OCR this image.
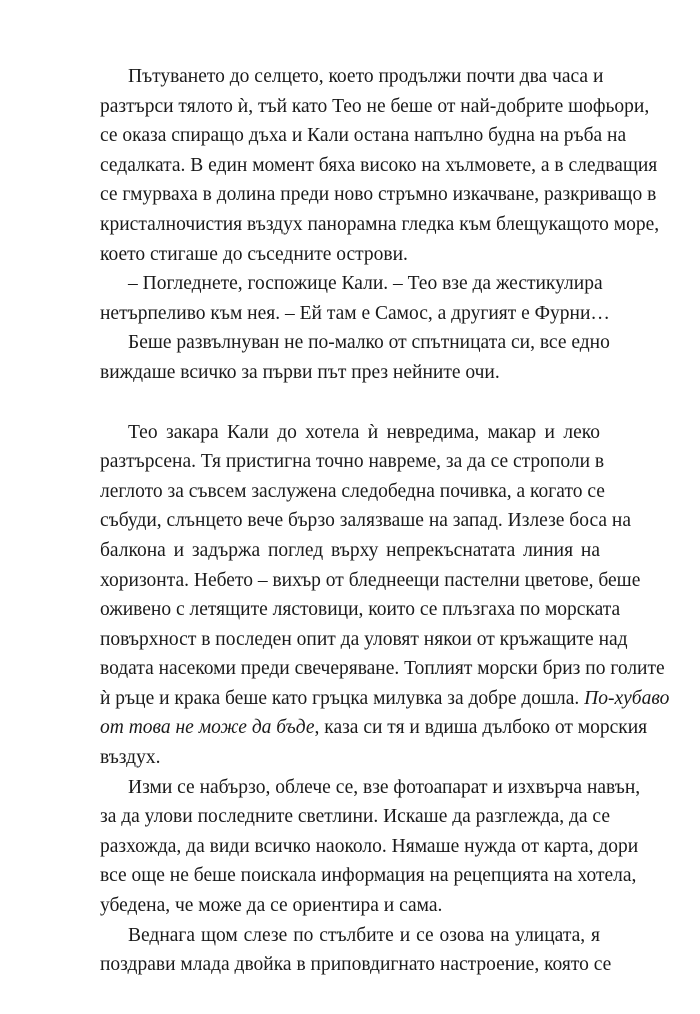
Пътуването до селцето, което продължи почти два часа и
разтърси тялото ѝ, тъй като Тео не беше от най-добрите шофьори,
се оказа спиращо дъха и Кали остана напълно будна на ръба на
седалката. В един момент бяха високо на хълмовете, а в следващия
се гмурваха в долина преди ново стръмно изкачване, разкриващо в
кристалночистия въздух панорамна гледка към блещукащото море,
което стигаше до съседните острови.

– Погледнете, госпожице Кали. – Тео взе да жестикулира
нетърпеливо към нея. – Ей там е Самос, а другият е Фурни…

Беше развълнуван не по-малко от спътницата си, все едно
виждаше всичко за първи път през нейните очи.

Тео закара Кали до хотела ѝ невредима, макар и леко
разтърсена. Тя пристигна точно навреме, за да се строполи в
леглото за съвсем заслужена следобедна почивка, а когато се
събуди, слънцето вече бързо залязваше на запад. Излезе боса на
балкона и задържа поглед върху непрекъснатата линия на
хоризонта. Небето – вихър от бледнеещи пастелни цветове, беше
оживено с летящите лястовици, които се плъзгаха по морската
повърхност в последен опит да уловят някои от кръжащите над
водата насекоми преди свечеряване. Топлият морски бриз по голите
ѝ ръце и крака беше като гръцка милувка за добре дошла. По-хубаво
от това не може да бъде, каза си тя и вдиша дълбоко от морския
въздух.

Изми се набързо, облече се, взе фотоапарат и изхвърча навън,
за да улови последните светлини. Искаше да разглежда, да се
разхожда, да види всичко наоколо. Нямаше нужда от карта, дори
все още не беше поискала информация на рецепцията на хотела,
убедена, че може да се ориентира и сама.

Веднага щом слезе по стълбите и се озова на улицата, я
поздрави млада двойка в приповдигнато настроение, която се
